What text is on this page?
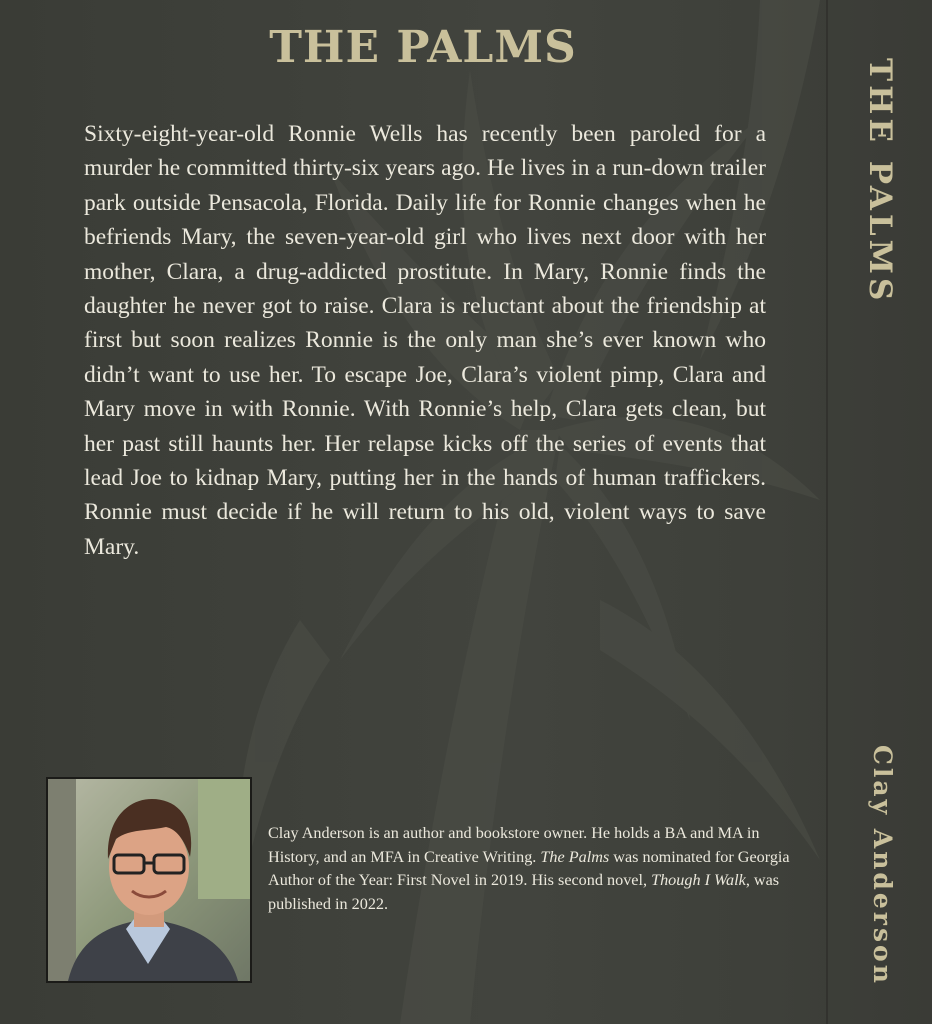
THE PALMS

Sixty-eight-year-old Ronnie Wells has recently been paroled for a murder he committed thirty-six years ago. He lives in a run-down trailer park outside Pensacola, Florida. Daily life for Ronnie changes when he befriends Mary, the seven-year-old girl who lives next door with her mother, Clara, a drug-addicted prostitute. In Mary, Ronnie finds the daughter he never got to raise. Clara is reluctant about the friendship at first but soon realizes Ronnie is the only man she’s ever known who didn’t want to use her. To escape Joe, Clara’s violent pimp, Clara and Mary move in with Ronnie. With Ronnie’s help, Clara gets clean, but her past still haunts her. Her relapse kicks off the series of events that lead Joe to kidnap Mary, putting her in the hands of human traffickers. Ronnie must decide if he will return to his old, violent ways to save Mary.

Clay Anderson is an author and bookstore owner. He holds a BA and MA in History, and an MFA in Creative Writing. The Palms was nominated for Georgia Author of the Year: First Novel in 2019. His second novel, Though I Walk, was published in 2022.

THE PALMS
Clay Anderson
